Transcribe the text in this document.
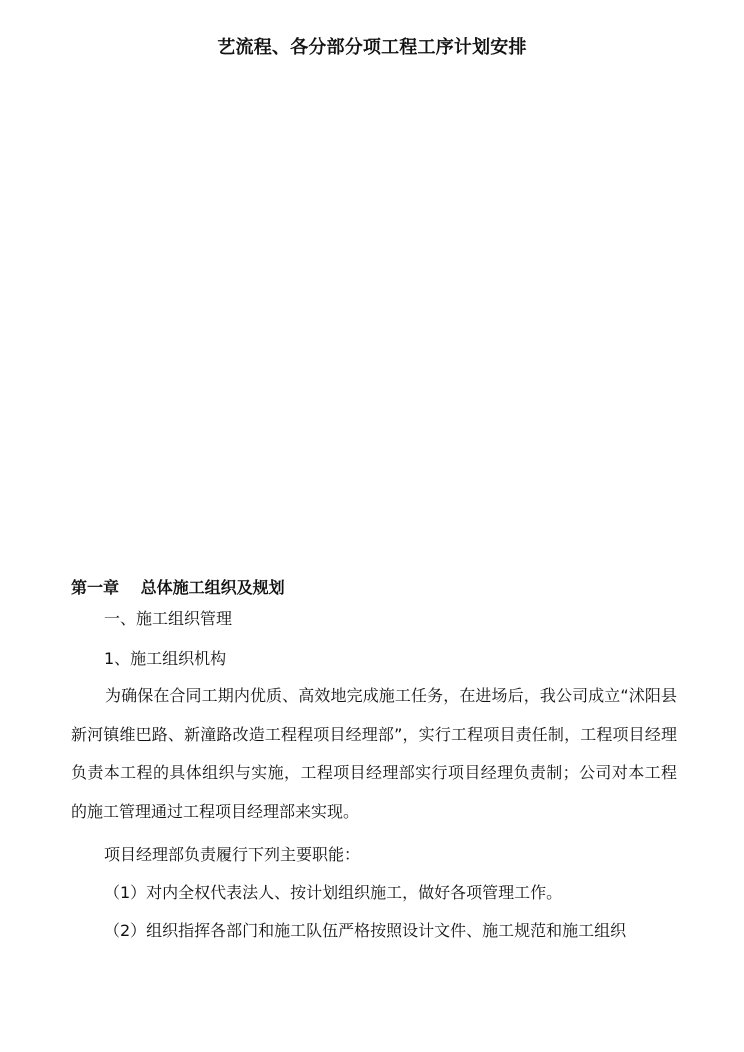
艺流程、各分部分项工程工序计划安排
第一章　 总体施工组织及规划
一、施工组织管理
1、施工组织机构
为确保在合同工期内优质、高效地完成施工任务，在进场后，我公司成立“沭阳县新河镇维巴路、新潼路改造工程程项目经理部”，实行工程项目责任制，工程项目经理负责本工程的具体组织与实施，工程项目经理部实行项目经理负责制；公司对本工程的施工管理通过工程项目经理部来实现。
项目经理部负责履行下列主要职能：
（1）对内全权代表法人、按计划组织施工，做好各项管理工作。
（2）组织指挥各部门和施工队伍严格按照设计文件、施工规范和施工组织
